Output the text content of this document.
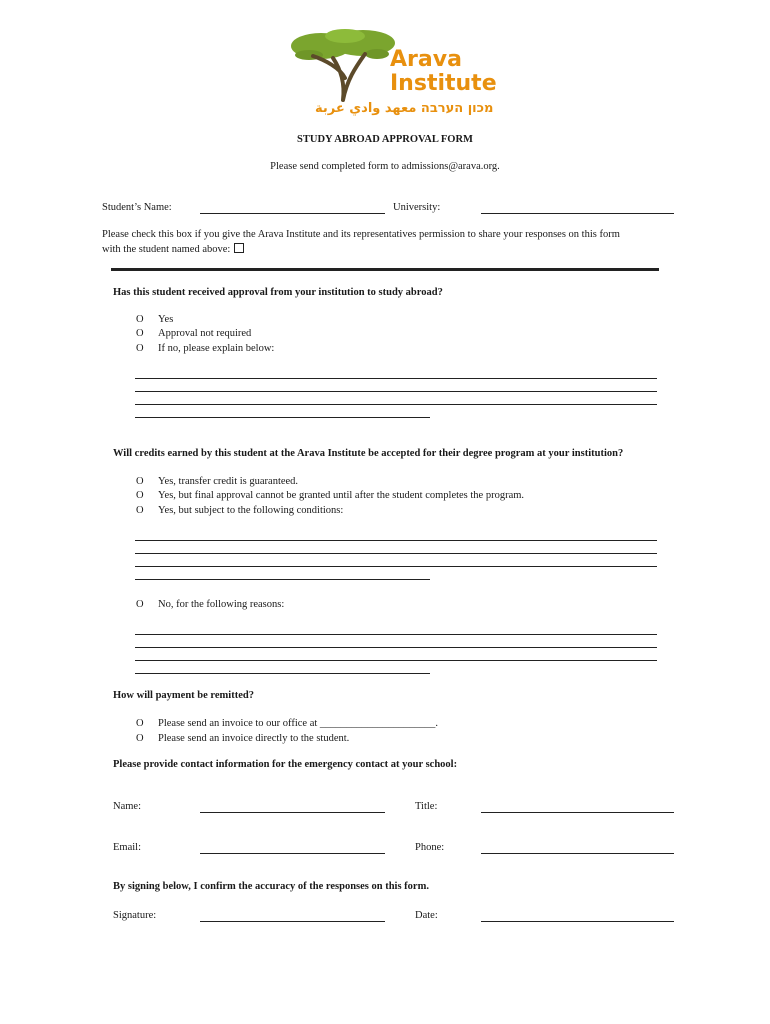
Arava
Institute
מכון הערבה معهد وادي عربة
STUDY ABROAD APPROVAL FORM
Please send completed form to admissions@arava.org.
Student’s Name:	University:
Please check this box if you give the Arava Institute and its representatives permission to share your responses on this form
with the student named above:
Has this student received approval from your institution to study abroad?
O Yes
O Approval not required
O If no, please explain below:
Will credits earned by this student at the Arava Institute be accepted for their degree program at your institution?
O Yes, transfer credit is guaranteed.
O Yes, but final approval cannot be granted until after the student completes the program.
O Yes, but subject to the following conditions:
O No, for the following reasons:
How will payment be remitted?
O Please send an invoice to our office at ______________________.
O Please send an invoice directly to the student.
Please provide contact information for the emergency contact at your school:
Name:	Title:
Email:	Phone:
By signing below, I confirm the accuracy of the responses on this form.
Signature:	Date:
